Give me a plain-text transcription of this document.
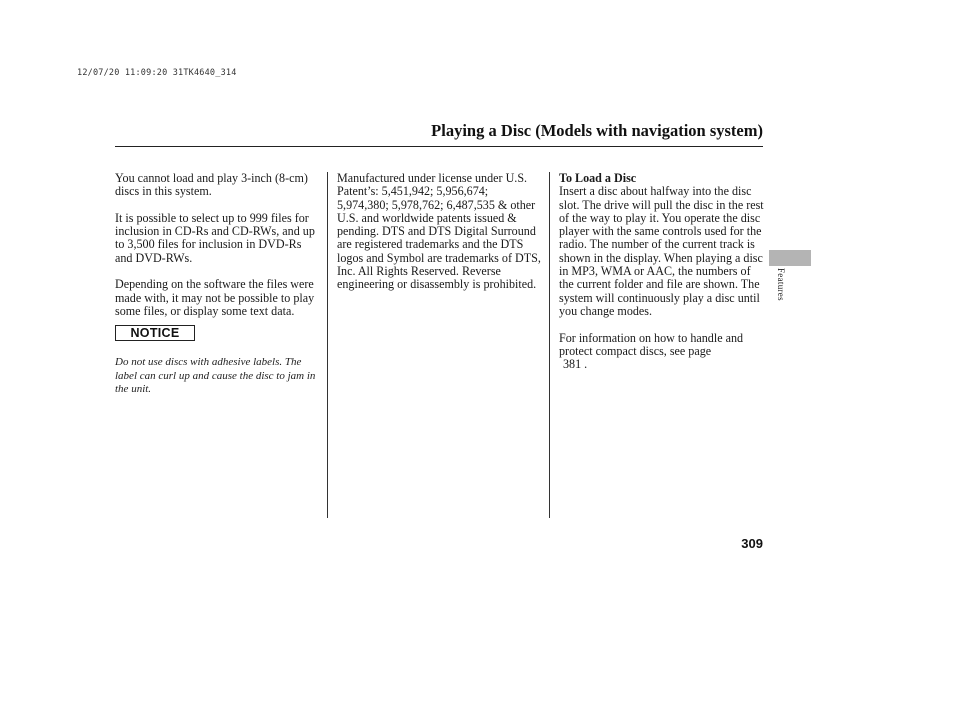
12/07/20 11:09:20 31TK4640_314
Playing a Disc (Models with navigation system)

You cannot load and play 3-inch (8-cm) discs in this system.

It is possible to select up to 999 files for inclusion in CD-Rs and CD-RWs, and up to 3,500 files for inclusion in DVD-Rs and DVD-RWs.

Depending on the software the files were made with, it may not be possible to play some files, or display some text data.

NOTICE

Do not use discs with adhesive labels. The label can curl up and cause the disc to jam in the unit.

Manufactured under license under U.S. Patent’s: 5,451,942; 5,956,674; 5,974,380; 5,978,762; 6,487,535 & other U.S. and worldwide patents issued & pending. DTS and DTS Digital Surround are registered trademarks and the DTS logos and Symbol are trademarks of DTS, Inc. All Rights Reserved. Reverse engineering or disassembly is prohibited.

To Load a Disc

Insert a disc about halfway into the disc slot. The drive will pull the disc in the rest of the way to play it. You operate the disc player with the same controls used for the radio. The number of the current track is shown in the display. When playing a disc in MP3, WMA or AAC, the numbers of the current folder and file are shown. The system will continuously play a disc until you change modes.

For information on how to handle and protect compact discs, see page
381 .

Features
309
